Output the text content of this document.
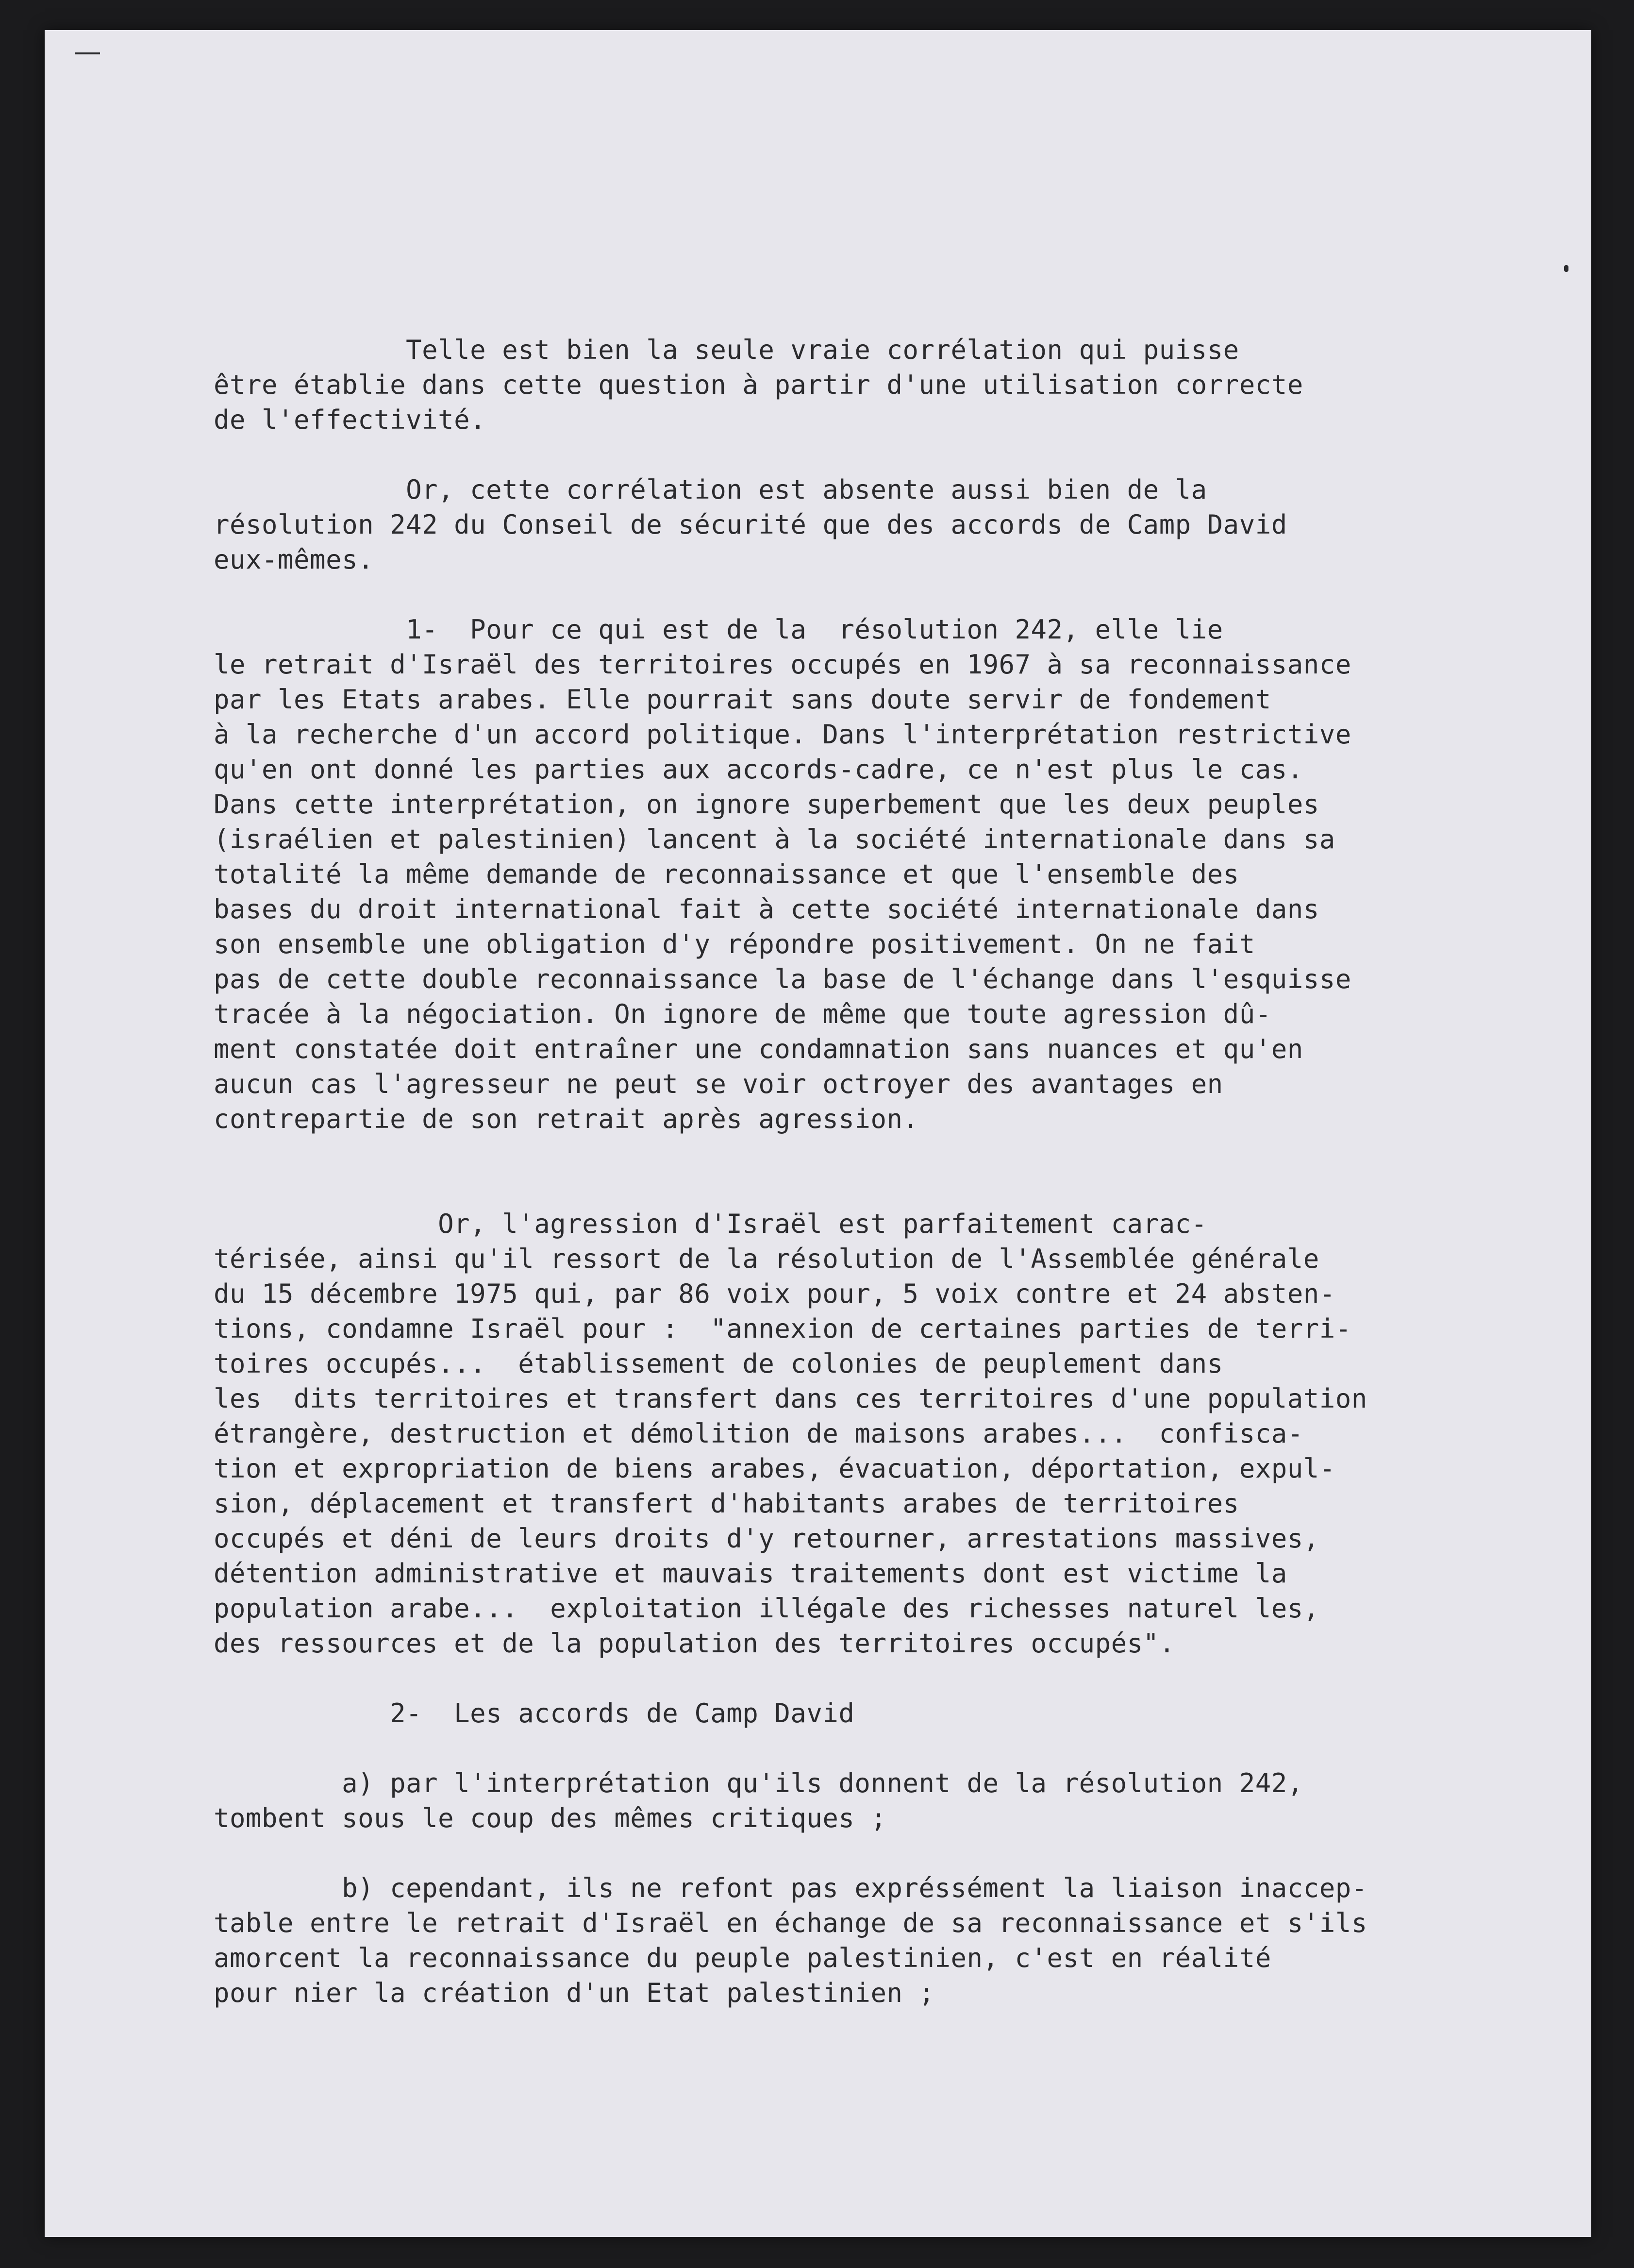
Telle est bien la seule vraie corrélation qui puisse
être établie dans cette question à partir d'une utilisation correcte
de l'effectivité.
Or, cette corrélation est absente aussi bien de la
résolution 242 du Conseil de sécurité que des accords de Camp David
eux-mêmes.
1-  Pour ce qui est de la  résolution 242, elle lie
le retrait d'Israël des territoires occupés en 1967 à sa reconnaissance
par les Etats arabes. Elle pourrait sans doute servir de fondement
à la recherche d'un accord politique. Dans l'interprétation restrictive
qu'en ont donné les parties aux accords-cadre, ce n'est plus le cas.
Dans cette interprétation, on ignore superbement que les deux peuples
(israélien et palestinien) lancent à la société internationale dans sa
totalité la même demande de reconnaissance et que l'ensemble des
bases du droit international fait à cette société internationale dans
son ensemble une obligation d'y répondre positivement. On ne fait
pas de cette double reconnaissance la base de l'échange dans l'esquisse
tracée à la négociation. On ignore de même que toute agression dû-
ment constatée doit entraîner une condamnation sans nuances et qu'en
aucun cas l'agresseur ne peut se voir octroyer des avantages en
contrepartie de son retrait après agression.
Or, l'agression d'Israël est parfaitement carac-
térisée, ainsi qu'il ressort de la résolution de l'Assemblée générale
du 15 décembre 1975 qui, par 86 voix pour, 5 voix contre et 24 absten-
tions, condamne Israël pour :  "annexion de certaines parties de terri-
toires occupés...  établissement de colonies de peuplement dans
les  dits territoires et transfert dans ces territoires d'une population
étrangère, destruction et démolition de maisons arabes...  confisca-
tion et expropriation de biens arabes, évacuation, déportation, expul-
sion, déplacement et transfert d'habitants arabes de territoires
occupés et déni de leurs droits d'y retourner, arrestations massives,
détention administrative et mauvais traitements dont est victime la
population arabe...  exploitation illégale des richesses naturel les,
des ressources et de la population des territoires occupés".
2-  Les accords de Camp David
a) par l'interprétation qu'ils donnent de la résolution 242,
tombent sous le coup des mêmes critiques ;
b) cependant, ils ne refont pas expréssément la liaison inaccep-
table entre le retrait d'Israël en échange de sa reconnaissance et s'ils
amorcent la reconnaissance du peuple palestinien, c'est en réalité
pour nier la création d'un Etat palestinien ;
